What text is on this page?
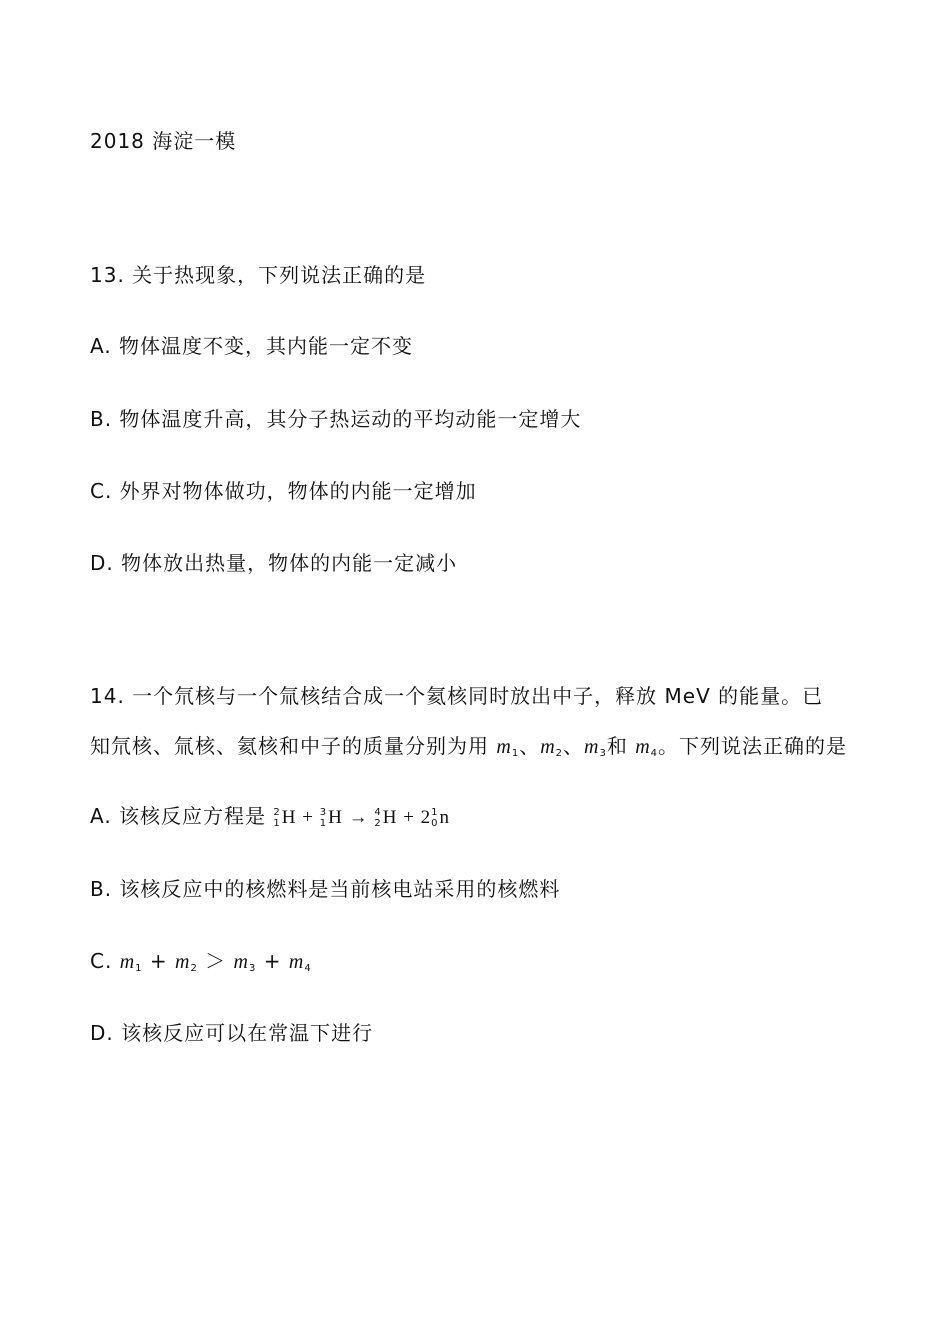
2018 海淀一模
13. 关于热现象，下列说法正确的是
A. 物体温度不变，其内能一定不变
B. 物体温度升高，其分子热运动的平均动能一定增大
C. 外界对物体做功，物体的内能一定增加
D. 物体放出热量，物体的内能一定减小
14. 一个氘核与一个氚核结合成一个氦核同时放出中子，释放 MeV 的能量。已
知氘核、氚核、氦核和中子的质量分别为用 $m_1$、$m_2$、$m_3$和 $m_4$。下列说法正确的是
A. 该核反应方程是 2
1 H + 3
1 H → 4
2 H + 2 1
0 n
B. 该核反应中的核燃料是当前核电站采用的核燃料
C. $m_1 + m_2 > m_3 + m_4$
D. 该核反应可以在常温下进行
